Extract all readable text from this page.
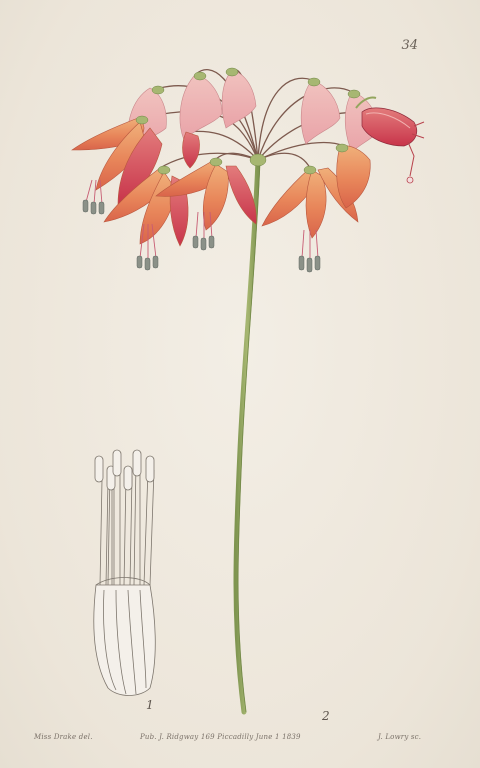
34
1
2
Miss Drake del.	Pub. J. Ridgway 169 Piccadilly June 1 1839	J. Lowry sc.
